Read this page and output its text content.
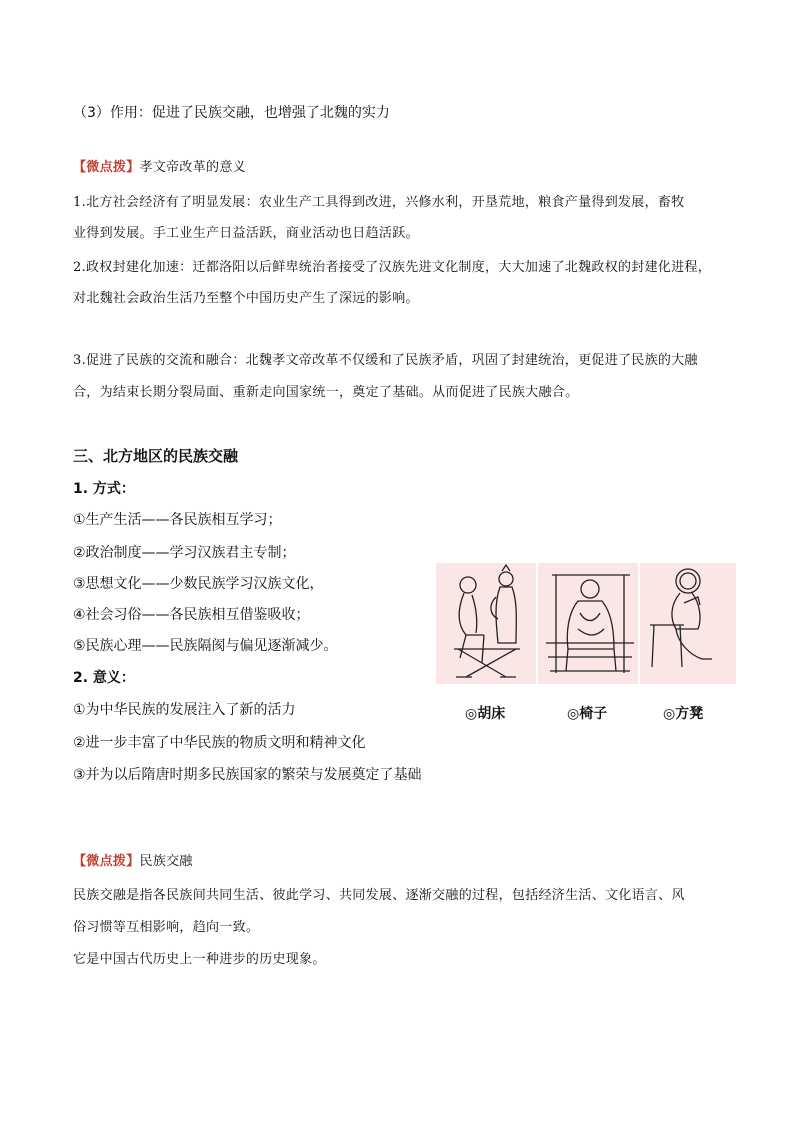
（3）作用：促进了民族交融，也增强了北魏的实力
【微点拨】孝文帝改革的意义
1.北方社会经济有了明显发展：农业生产工具得到改进，兴修水利，开垦荒地，粮食产量得到发展，畜牧
业得到发展。手工业生产日益活跃，商业活动也日趋活跃。
2.政权封建化加速：迁都洛阳以后鲜卑统治者接受了汉族先进文化制度，大大加速了北魏政权的封建化进程，
对北魏社会政治生活乃至整个中国历史产生了深远的影响。
3.促进了民族的交流和融合：北魏孝文帝改革不仅缓和了民族矛盾，巩固了封建统治，更促进了民族的大融
合，为结束长期分裂局面、重新走向国家统一，奠定了基础。从而促进了民族大融合。
三、北方地区的民族交融
1. 方式：
①生产生活——各民族相互学习；
②政治制度——学习汉族君主专制；
③思想文化——少数民族学习汉族文化，
④社会习俗——各民族相互借鉴吸收；
⑤民族心理——民族隔阂与偏见逐渐减少。
2. 意义：
①为中华民族的发展注入了新的活力
②进一步丰富了中华民族的物质文明和精神文化
③并为以后隋唐时期多民族国家的繁荣与发展奠定了基础
◎胡床	◎椅子	◎方凳
【微点拨】民族交融
民族交融是指各民族间共同生活、彼此学习、共同发展、逐渐交融的过程，包括经济生活、文化语言、风
俗习惯等互相影响，趋向一致。
它是中国古代历史上一种进步的历史现象。
